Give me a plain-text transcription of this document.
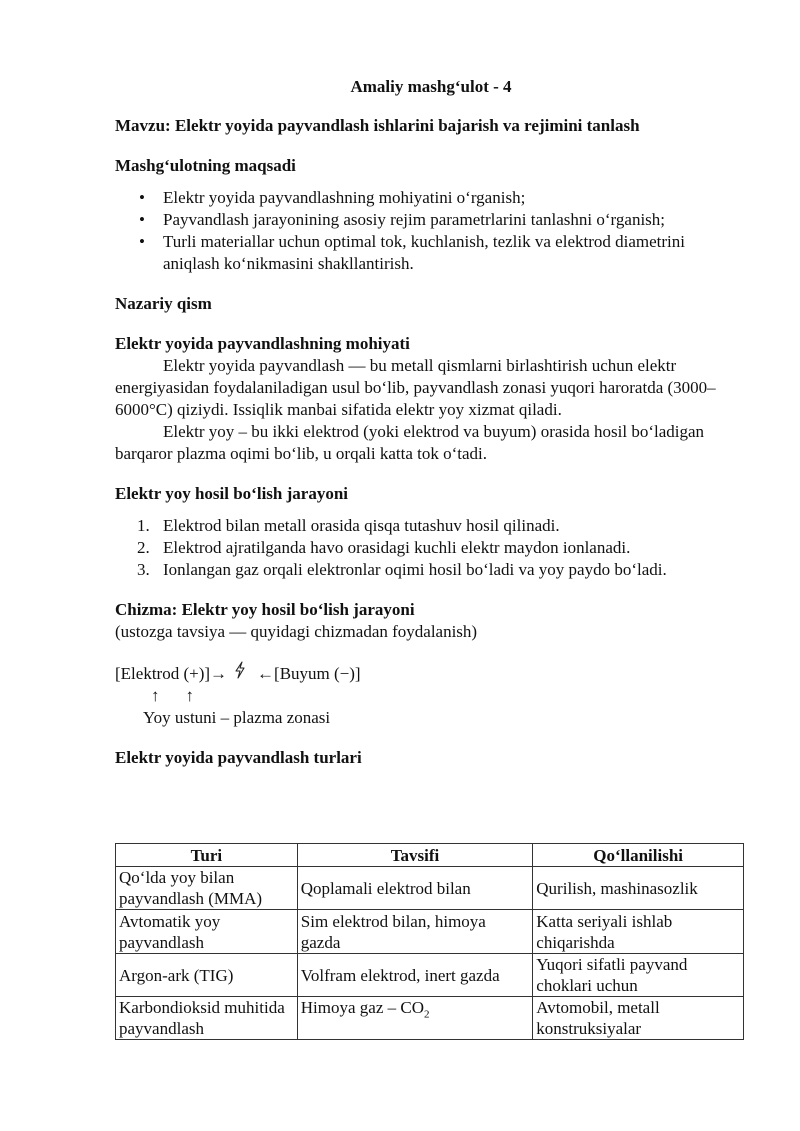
Amaliy mashg‘ulot - 4

Mavzu: Elektr yoyida payvandlash ishlarini bajarish va rejimini tanlash

Mashg‘ulotning maqsadi

• Elektr yoyida payvandlashning mohiyatini o‘rganish;
• Payvandlash jarayonining asosiy rejim parametrlarini tanlashni o‘rganish;
• Turli materiallar uchun optimal tok, kuchlanish, tezlik va elektrod diametrini aniqlash ko‘nikmasini shakllantirish.

Nazariy qism

Elektr yoyida payvandlashning mohiyati

Elektr yoyida payvandlash — bu metall qismlarni birlashtirish uchun elektr energiyasidan foydalaniladigan usul bo‘lib, payvandlash zonasi yuqori haroratda (3000–6000°C) qiziydi. Issiqlik manbai sifatida elektr yoy xizmat qiladi.

Elektr yoy – bu ikki elektrod (yoki elektrod va buyum) orasida hosil bo‘ladigan barqaror plazma oqimi bo‘lib, u orqali katta tok o‘tadi.

Elektr yoy hosil bo‘lish jarayoni

1. Elektrod bilan metall orasida qisqa tutashuv hosil qilinadi.
2. Elektrod ajratilganda havo orasidagi kuchli elektr maydon ionlanadi.
3. Ionlangan gaz orqali elektronlar oqimi hosil bo‘ladi va yoy paydo bo‘ladi.

Chizma: Elektr yoy hosil bo‘lish jarayoni

(ustozga tavsiya — quyidagi chizmadan foydalanish)

[Elektrod (+)] → ← [Buyum (−)]
↑ ↑
Yoy ustuni – plazma zonasi

Elektr yoyida payvandlash turlari

Turi	Tavsifi	Qo‘llanilishi
Qo‘lda yoy bilan payvandlash (MMA)	Qoplamali elektrod bilan	Qurilish, mashinasozlik
Avtomatik yoy payvandlash	Sim elektrod bilan, himoya gazda	Katta seriyali ishlab chiqarishda
Argon-ark (TIG)	Volfram elektrod, inert gazda	Yuqori sifatli payvand choklari uchun
Karbondioksid muhitida payvandlash	Himoya gaz – $CO_2$	Avtomobil, metall konstruksiyalar
